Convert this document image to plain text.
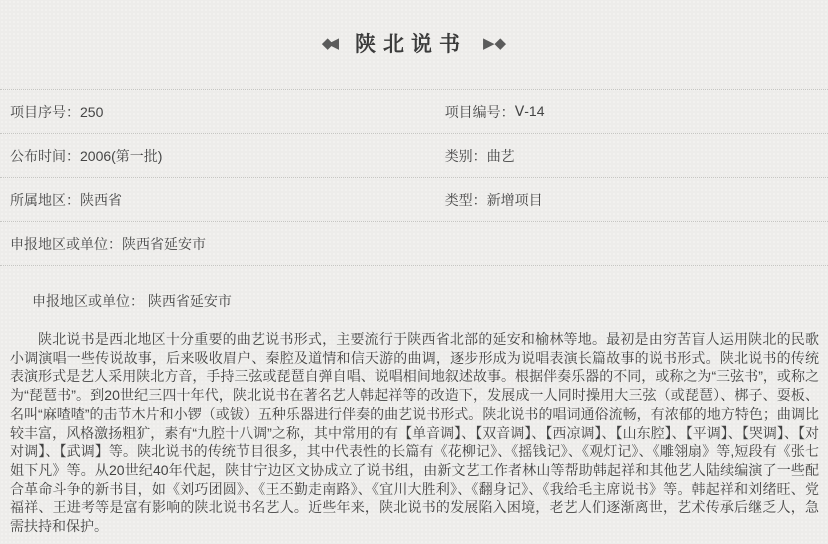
◆◀ 陕北说书 ▶◆
项目序号： 250	项目编号： Ⅴ-14
公布时间： 2006(第一批)	类别： 曲艺
所属地区： 陕西省	类型： 新增项目
申报地区或单位： 陕西省延安市
申报地区或单位： 陕西省延安市

陕北说书是西北地区十分重要的曲艺说书形式，主要流行于陕西省北部的延安和榆林等地。最初是由穷苦盲人运用陕北的民歌小调演唱一些传说故事，后来吸收眉户、秦腔及道情和信天游的曲调，逐步形成为说唱表演长篇故事的说书形式。陕北说书的传统表演形式是艺人采用陕北方音，手持三弦或琵琶自弹自唱、说唱相间地叙述故事。根据伴奏乐器的不同，或称之为“三弦书”，或称之为“琵琶书”。到20世纪三四十年代，陕北说书在著名艺人韩起祥等的改造下，发展成一人同时操用大三弦（或琵琶）、梆子、耍板、名叫“麻喳喳”的击节木片和小锣（或钹）五种乐器进行伴奏的曲艺说书形式。陕北说书的唱词通俗流畅，有浓郁的地方特色；曲调比较丰富，风格激扬粗犷，素有“九腔十八调”之称，其中常用的有【单音调】、【双音调】、【西凉调】、【山东腔】、【平调】、【哭调】、【对对调】、【武调】等。陕北说书的传统节目很多，其中代表性的长篇有《花柳记》、《摇钱记》、《观灯记》、《雕翎扇》等,短段有《张七姐下凡》等。从20世纪40年代起，陕甘宁边区文协成立了说书组，由新文艺工作者林山等帮助韩起祥和其他艺人陆续编演了一些配合革命斗争的新书目，如《刘巧团圆》、《王丕勤走南路》、《宜川大胜利》、《翻身记》、《我给毛主席说书》等。韩起祥和刘绪旺、党福祥、王进考等是富有影响的陕北说书名艺人。近些年来，陕北说书的发展陷入困境，老艺人们逐渐离世，艺术传承后继乏人，急需扶持和保护。
